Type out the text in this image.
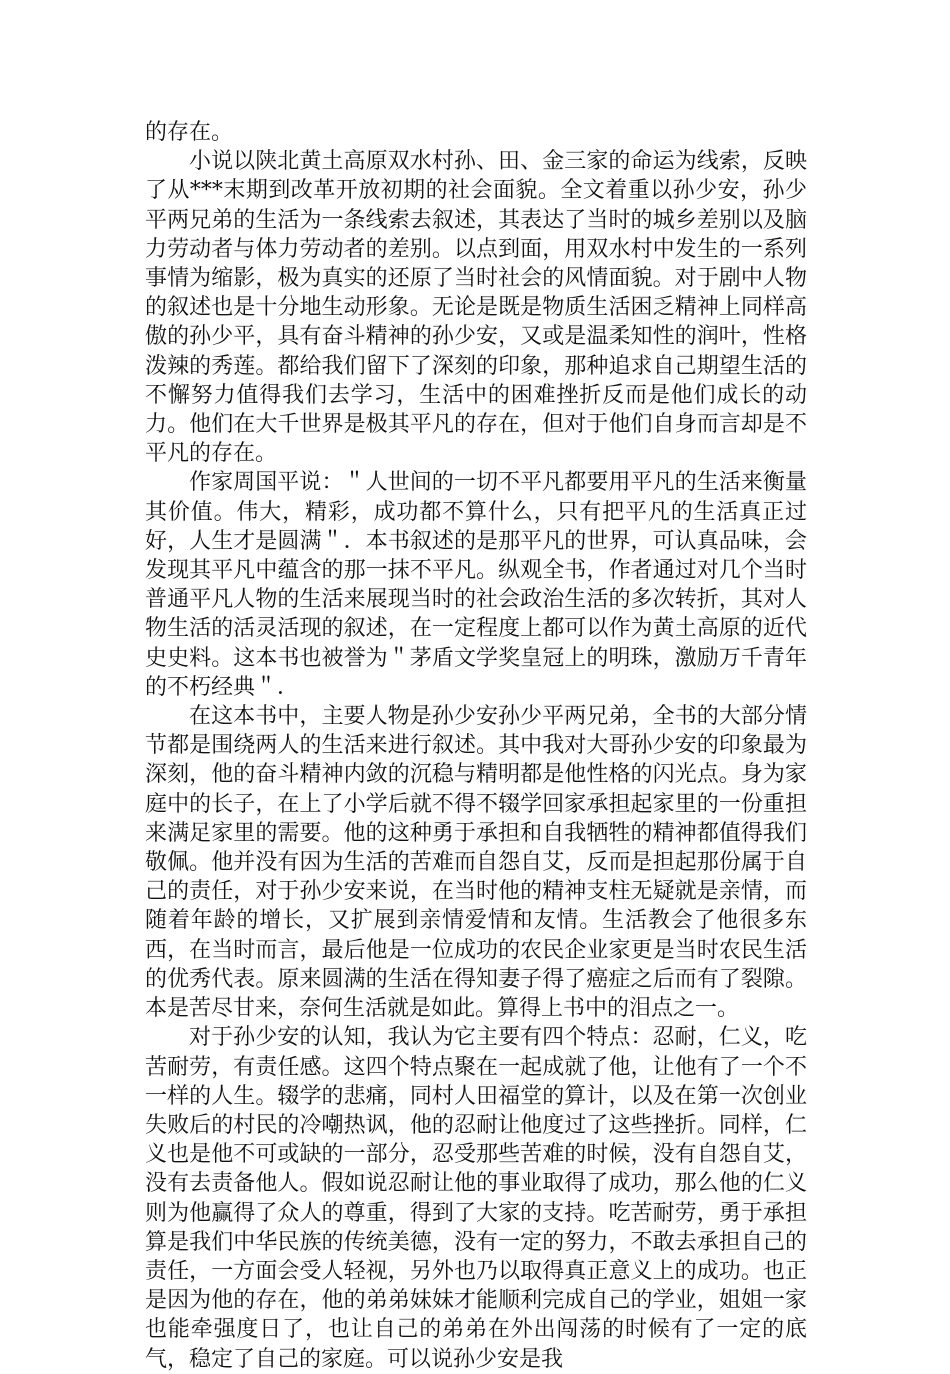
的存在。

小说以陕北黄土高原双水村孙、田、金三家的命运为线索，反映了从***末期到改革开放初期的社会面貌。全文着重以孙少安，孙少平两兄弟的生活为一条线索去叙述，其表达了当时的城乡差别以及脑力劳动者与体力劳动者的差别。以点到面，用双水村中发生的一系列事情为缩影，极为真实的还原了当时社会的风情面貌。对于剧中人物的叙述也是十分地生动形象。无论是既是物质生活困乏精神上同样高傲的孙少平，具有奋斗精神的孙少安，又或是温柔知性的润叶，性格泼辣的秀莲。都给我们留下了深刻的印象，那种追求自己期望生活的不懈努力值得我们去学习，生活中的困难挫折反而是他们成长的动力。他们在大千世界是极其平凡的存在，但对于他们自身而言却是不平凡的存在。

作家周国平说：＂人世间的一切不平凡都要用平凡的生活来衡量其价值。伟大，精彩，成功都不算什么，只有把平凡的生活真正过好，人生才是圆满＂．本书叙述的是那平凡的世界，可认真品味，会发现其平凡中蕴含的那一抹不平凡。纵观全书，作者通过对几个当时普通平凡人物的生活来展现当时的社会政治生活的多次转折，其对人物生活的活灵活现的叙述，在一定程度上都可以作为黄土高原的近代史史料。这本书也被誉为＂茅盾文学奖皇冠上的明珠，激励万千青年的不朽经典＂．

在这本书中，主要人物是孙少安孙少平两兄弟，全书的大部分情节都是围绕两人的生活来进行叙述。其中我对大哥孙少安的印象最为深刻，他的奋斗精神内敛的沉稳与精明都是他性格的闪光点。身为家庭中的长子，在上了小学后就不得不辍学回家承担起家里的一份重担来满足家里的需要。他的这种勇于承担和自我牺牲的精神都值得我们敬佩。他并没有因为生活的苦难而自怨自艾，反而是担起那份属于自己的责任，对于孙少安来说，在当时他的精神支柱无疑就是亲情，而随着年龄的增长，又扩展到亲情爱情和友情。生活教会了他很多东西，在当时而言，最后他是一位成功的农民企业家更是当时农民生活的优秀代表。原来圆满的生活在得知妻子得了癌症之后而有了裂隙。本是苦尽甘来，奈何生活就是如此。算得上书中的泪点之一。

对于孙少安的认知，我认为它主要有四个特点：忍耐，仁义，吃苦耐劳，有责任感。这四个特点聚在一起成就了他，让他有了一个不一样的人生。辍学的悲痛，同村人田福堂的算计，以及在第一次创业失败后的村民的冷嘲热讽，他的忍耐让他度过了这些挫折。同样，仁义也是他不可或缺的一部分，忍受那些苦难的时候，没有自怨自艾，没有去责备他人。假如说忍耐让他的事业取得了成功，那么他的仁义则为他赢得了众人的尊重，得到了大家的支持。吃苦耐劳，勇于承担算是我们中华民族的传统美德，没有一定的努力，不敢去承担自己的责任，一方面会受人轻视，另外也乃以取得真正意义上的成功。也正是因为他的存在，他的弟弟妹妹才能顺利完成自己的学业，姐姐一家也能牵强度日了，也让自己的弟弟在外出闯荡的时候有了一定的底气，稳定了自己的家庭。可以说孙少安是我
